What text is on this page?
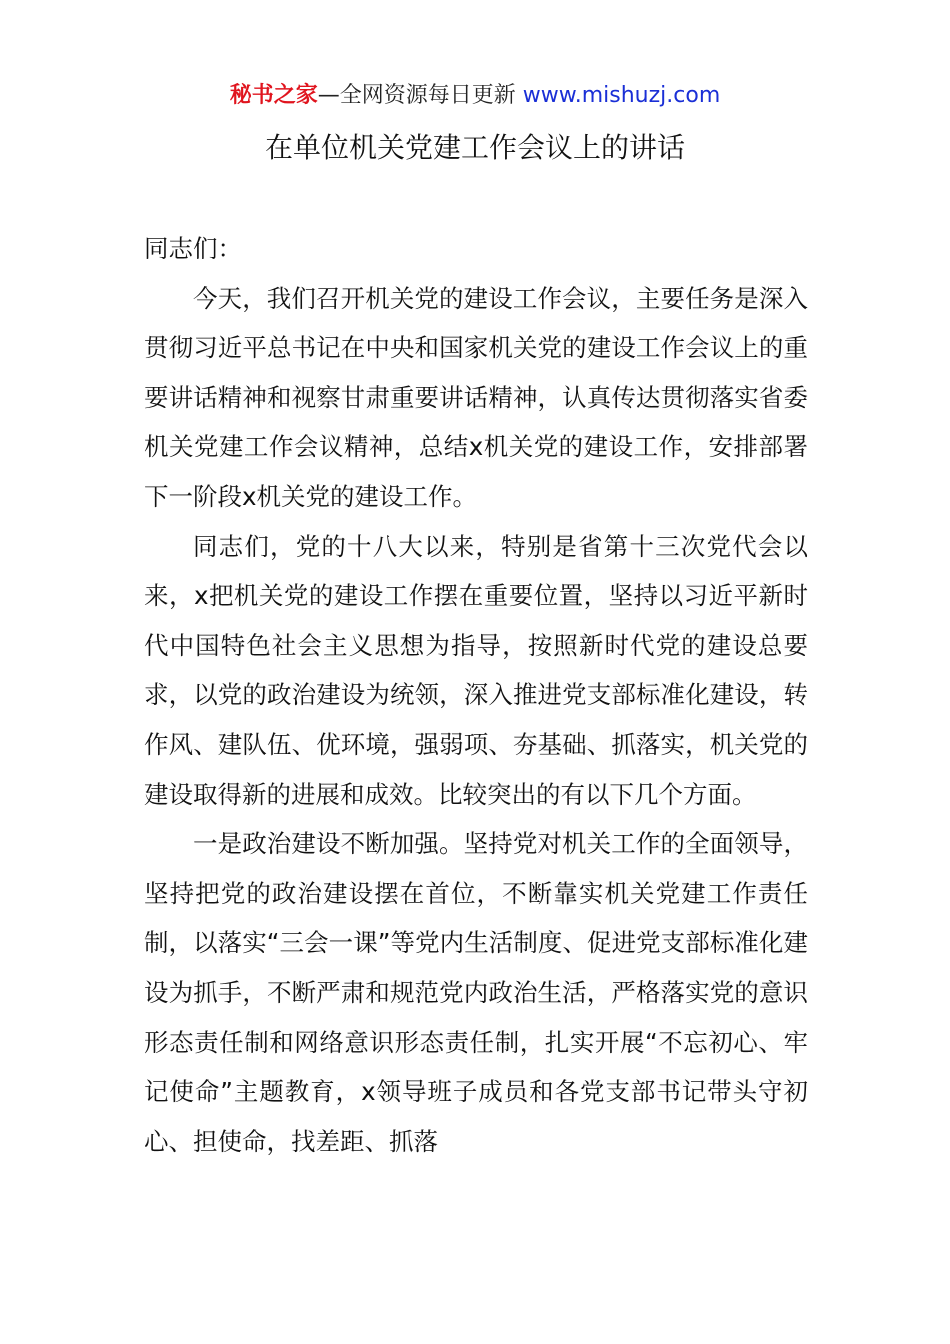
秘书之家—全网资源每日更新 www.mishuzj.com
在单位机关党建工作会议上的讲话

同志们：

今天，我们召开机关党的建设工作会议，主要任务是深入贯彻习近平总书记在中央和国家机关党的建设工作会议上的重要讲话精神和视察甘肃重要讲话精神，认真传达贯彻落实省委机关党建工作会议精神，总结x机关党的建设工作，安排部署下一阶段x机关党的建设工作。

同志们，党的十八大以来，特别是省第十三次党代会以来，x把机关党的建设工作摆在重要位置，坚持以习近平新时代中国特色社会主义思想为指导，按照新时代党的建设总要求，以党的政治建设为统领，深入推进党支部标准化建设，转作风、建队伍、优环境，强弱项、夯基础、抓落实，机关党的建设取得新的进展和成效。比较突出的有以下几个方面。

一是政治建设不断加强。坚持党对机关工作的全面领导，坚持把党的政治建设摆在首位，不断靠实机关党建工作责任制，以落实“三会一课”等党内生活制度、促进党支部标准化建设为抓手，不断严肃和规范党内政治生活，严格落实党的意识形态责任制和网络意识形态责任制，扎实开展“不忘初心、牢记使命”主题教育，x领导班子成员和各党支部书记带头守初心、担使命，找差距、抓落
